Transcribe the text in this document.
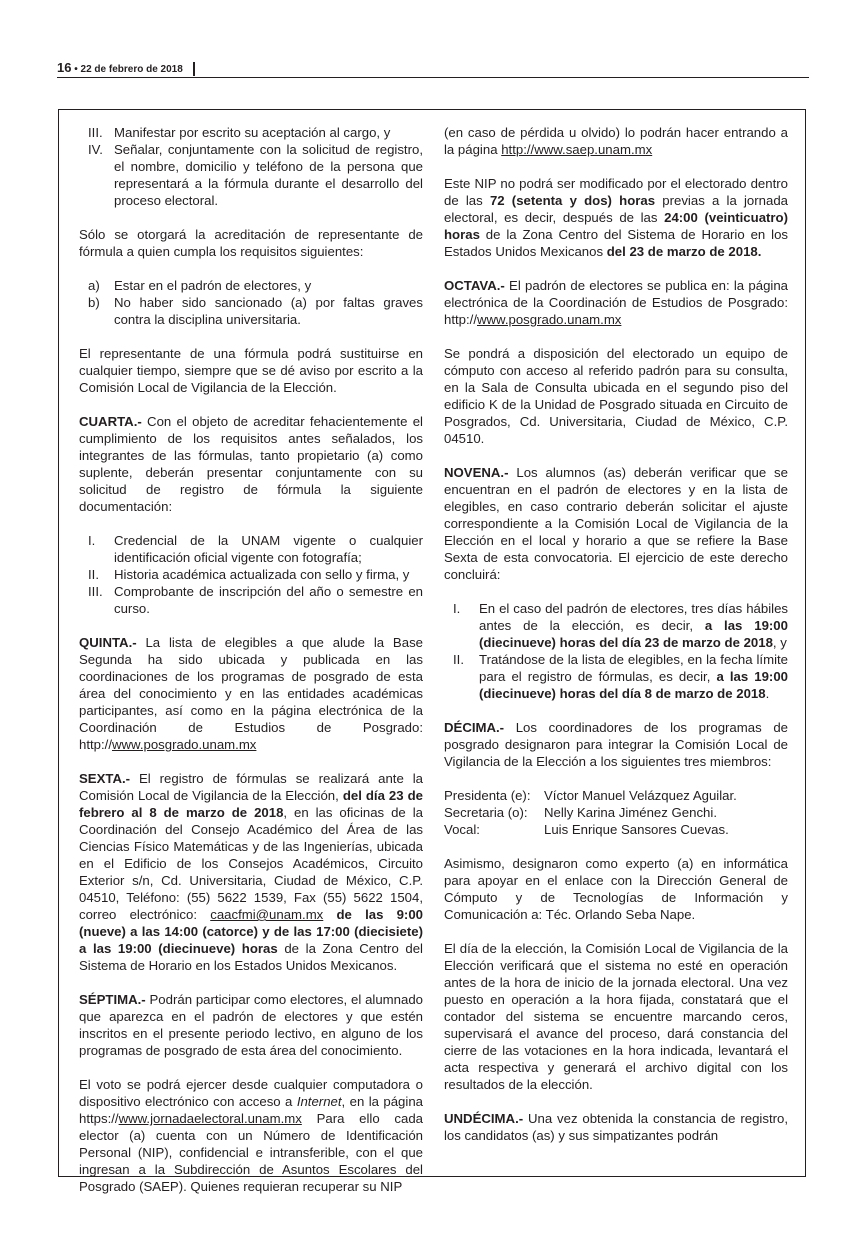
16 • 22 de febrero de 2018
III. Manifestar por escrito su aceptación al cargo, y
IV. Señalar, conjuntamente con la solicitud de registro, el nombre, domicilio y teléfono de la persona que representará a la fórmula durante el desarrollo del proceso electoral.

Sólo se otorgará la acreditación de representante de fórmula a quien cumpla los requisitos siguientes:

a)	Estar en el padrón de electores, y
b)	No haber sido sancionado (a) por faltas graves contra la disciplina universitaria.

El representante de una fórmula podrá sustituirse en cualquier tiempo, siempre que se dé aviso por escrito a la Comisión Local de Vigilancia de la Elección.

CUARTA.- Con el objeto de acreditar fehacientemente el cumplimiento de los requisitos antes señalados, los integrantes de las fórmulas, tanto propietario (a) como suplente, deberán presentar conjuntamente con su solicitud de registro de fórmula la siguiente documentación:

I.	Credencial de la UNAM vigente o cualquier identificación oficial vigente con fotografía;
II.	Historia académica actualizada con sello y firma, y
III. Comprobante de inscripción del año o semestre en curso.

QUINTA.- La lista de elegibles a que alude la Base Segunda ha sido ubicada y publicada en las coordinaciones de los programas de posgrado de esta área del conocimiento y en las entidades académicas participantes, así como en la página electrónica de la Coordinación de Estudios de Posgrado: http://www.posgrado.unam.mx

SEXTA.- El registro de fórmulas se realizará ante la Comisión Local de Vigilancia de la Elección, del día 23 de febrero al 8 de marzo de 2018, en las oficinas de la Coordinación del Consejo Académico del Área de las Ciencias Físico Matemáticas y de las Ingenierías, ubicada en el Edificio de los Consejos Académicos, Circuito Exterior s/n, Cd. Universitaria, Ciudad de México, C.P. 04510, Teléfono: (55) 5622 1539, Fax (55) 5622 1504, correo electrónico: caacfmi@unam.mx de las 9:00 (nueve) a las 14:00 (catorce) y de las 17:00 (diecisiete) a las 19:00 (diecinueve) horas de la Zona Centro del Sistema de Horario en los Estados Unidos Mexicanos.

SÉPTIMA.- Podrán participar como electores, el alumnado que aparezca en el padrón de electores y que estén inscritos en el presente periodo lectivo, en alguno de los programas de posgrado de esta área del conocimiento.

El voto se podrá ejercer desde cualquier computadora o dispositivo electrónico con acceso a Internet, en la página https://www.jornadaelectoral.unam.mx Para ello cada elector (a) cuenta con un Número de Identificación Personal (NIP), confidencial e intransferible, con el que ingresan a la Subdirección de Asuntos Escolares del Posgrado (SAEP). Quienes requieran recuperar su NIP

(en caso de pérdida u olvido) lo podrán hacer entrando a la página http://www.saep.unam.mx

Este NIP no podrá ser modificado por el electorado dentro de las 72 (setenta y dos) horas previas a la jornada electoral, es decir, después de las 24:00 (veinticuatro) horas de la Zona Centro del Sistema de Horario en los Estados Unidos Mexicanos del 23 de marzo de 2018.

OCTAVA.- El padrón de electores se publica en: la página electrónica de la Coordinación de Estudios de Posgrado: http://www.posgrado.unam.mx

Se pondrá a disposición del electorado un equipo de cómputo con acceso al referido padrón para su consulta, en la Sala de Consulta ubicada en el segundo piso del edificio K de la Unidad de Posgrado situada en Circuito de Posgrados, Cd. Universitaria, Ciudad de México, C.P. 04510.

NOVENA.- Los alumnos (as) deberán verificar que se encuentran en el padrón de electores y en la lista de elegibles, en caso contrario deberán solicitar el ajuste correspondiente a la Comisión Local de Vigilancia de la Elección en el local y horario a que se refiere la Base Sexta de esta convocatoria. El ejercicio de este derecho concluirá:

I.	En el caso del padrón de electores, tres días hábiles antes de la elección, es decir, a las 19:00 (diecinueve) horas del día 23 de marzo de 2018, y
II.	Tratándose de la lista de elegibles, en la fecha límite para el registro de fórmulas, es decir, a las 19:00 (diecinueve) horas del día 8 de marzo de 2018.

DÉCIMA.- Los coordinadores de los programas de posgrado designaron para integrar la Comisión Local de Vigilancia de la Elección a los siguientes tres miembros:

Presidenta (e):	Víctor Manuel Velázquez Aguilar.
Secretaria (o):	Nelly Karina Jiménez Genchi.
Vocal:	Luis Enrique Sansores Cuevas.

Asimismo, designaron como experto (a) en informática para apoyar en el enlace con la Dirección General de Cómputo y de Tecnologías de Información y Comunicación a: Téc. Orlando Seba Nape.

El día de la elección, la Comisión Local de Vigilancia de la Elección verificará que el sistema no esté en operación antes de la hora de inicio de la jornada electoral. Una vez puesto en operación a la hora fijada, constatará que el contador del sistema se encuentre marcando ceros, supervisará el avance del proceso, dará constancia del cierre de las votaciones en la hora indicada, levantará el acta respectiva y generará el archivo digital con los resultados de la elección.

UNDÉCIMA.- Una vez obtenida la constancia de registro, los candidatos (as) y sus simpatizantes podrán
